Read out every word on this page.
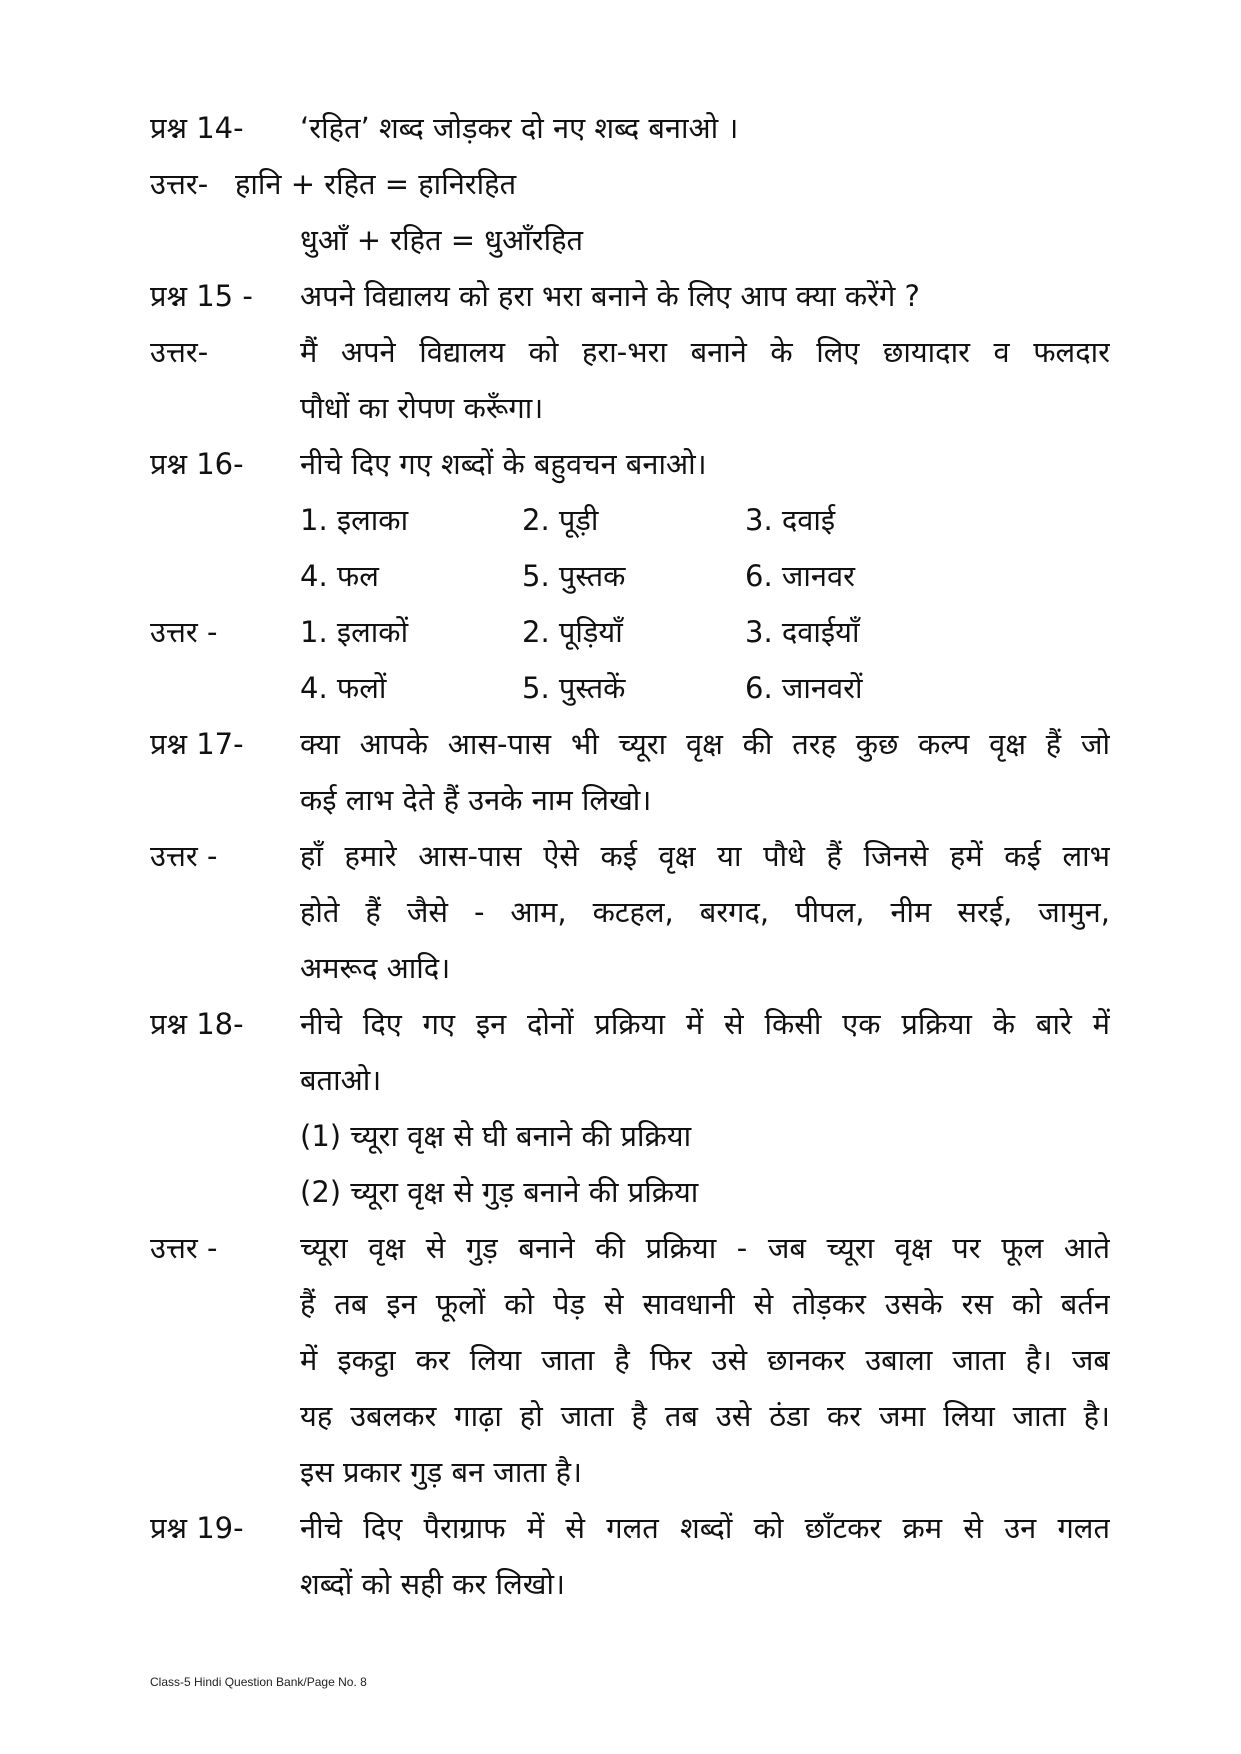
प्रश्न 14- ‘रहित’ शब्द जोड़कर दो नए शब्द बनाओ ।
उत्तर- हानि + रहित = हानिरहित
धुआँ + रहित = धुआँरहित
प्रश्न 15 - अपने विद्यालय को हरा भरा बनाने के लिए आप क्या करेंगे ?
उत्तर-	मैं अपने विद्यालय को हरा-भरा बनाने के लिए छायादार व फलदार
पौधों का रोपण करूँगा।
प्रश्न 16- नीचे दिए गए शब्दों के बहुवचन बनाओ।
1. इलाका	2. पूड़ी	3. दवाई
4. फल	5. पुस्तक	6. जानवर
उत्तर -	1. इलाकों	2. पूड़ियाँ	3. दवाईयाँ
4. फलों	5. पुस्तकें	6. जानवरों
प्रश्न 17- क्या आपके आस-पास भी च्यूरा वृक्ष की तरह कुछ कल्प वृक्ष हैं जो
कई लाभ देते हैं उनके नाम लिखो।
उत्तर -	हाँ हमारे आस-पास ऐसे कई वृक्ष या पौधे हैं जिनसे हमें कई लाभ
होते हैं जैसे - आम, कटहल, बरगद, पीपल, नीम सरई, जामुन,
अमरूद आदि।
प्रश्न 18- नीचे दिए गए इन दोनों प्रक्रिया में से किसी एक प्रक्रिया के बारे में
बताओ।
(1) च्यूरा वृक्ष से घी बनाने की प्रक्रिया
(2) च्यूरा वृक्ष से गुड़ बनाने की प्रक्रिया
उत्तर -	च्यूरा वृक्ष से गुड़ बनाने की प्रक्रिया - जब च्यूरा वृक्ष पर फूल आते
हैं तब इन फूलों को पेड़ से सावधानी से तोड़कर उसके रस को बर्तन
में इकट्ठा कर लिया जाता है फिर उसे छानकर उबाला जाता है। जब
यह उबलकर गाढ़ा हो जाता है तब उसे ठंडा कर जमा लिया जाता है।
इस प्रकार गुड़ बन जाता है।
प्रश्न 19- नीचे दिए पैराग्राफ में से गलत शब्दों को छाँटकर क्रम से उन गलत
शब्दों को सही कर लिखो।
Class-5 Hindi Question Bank/Page No. 8
